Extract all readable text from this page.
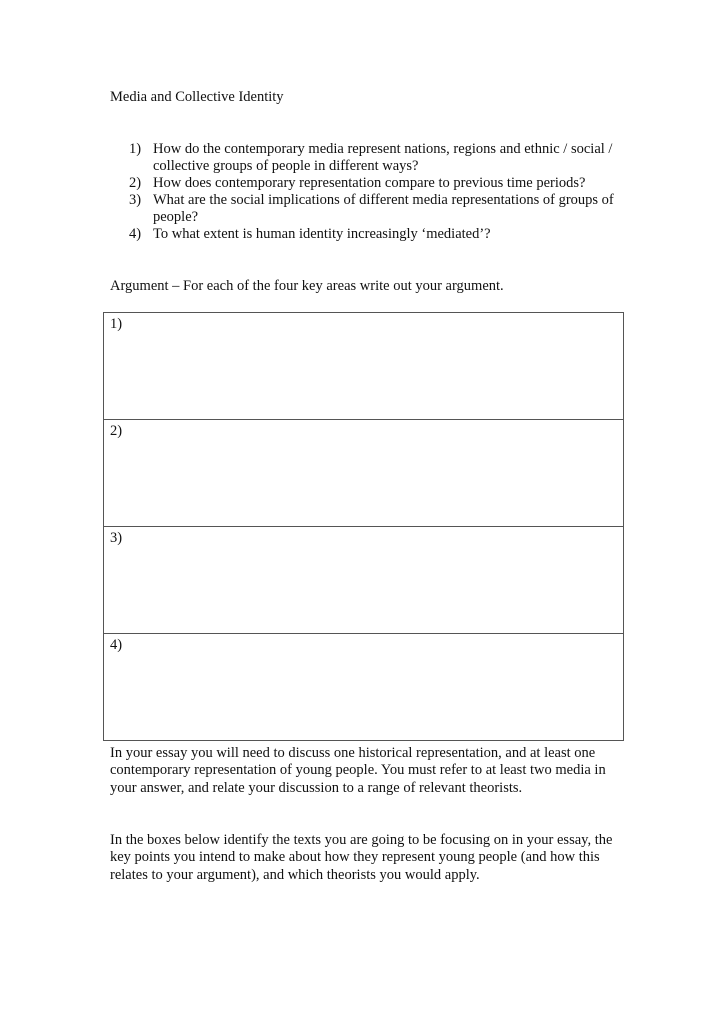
Media and Collective Identity
1) How do the contemporary media represent nations, regions and ethnic / social / collective groups of people in different ways?
2) How does contemporary representation compare to previous time periods?
3) What are the social implications of different media representations of groups of people?
4) To what extent is human identity increasingly ‘mediated’?
Argument – For each of the four key areas write out your argument.
1)
2)
3)
4)

In your essay you will need to discuss one historical representation, and at least one contemporary representation of young people. You must refer to at least two media in your answer, and relate your discussion to a range of relevant theorists.

In the boxes below identify the texts you are going to be focusing on in your essay, the key points you intend to make about how they represent young people (and how this relates to your argument), and which theorists you would apply.
